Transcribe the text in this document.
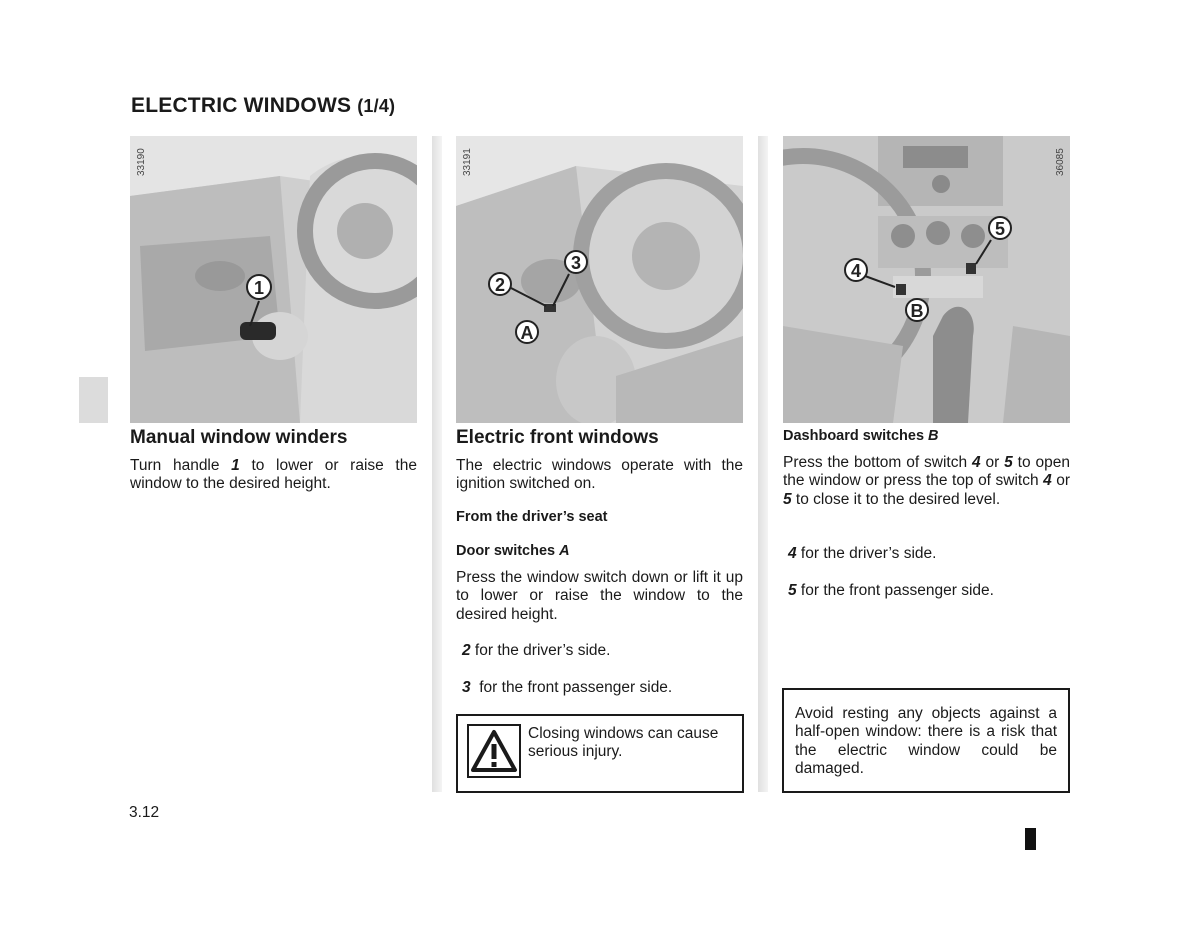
ELECTRIC WINDOWS (1/4)
1
33190
2
3
A
33191
4
5
B
36085
Manual window winders
Turn handle 1 to lower or raise the window to the desired height.
Electric front windows
The electric windows operate with the ignition switched on.
From the driver’s seat
Door switches A
Press the window switch down or lift it up to lower or raise the window to the desired height.
2 for the driver’s side.
3  for the front passenger side.
Closing windows can cause serious injury.
Dashboard switches B
Press the bottom of switch 4 or 5 to open the window or press the top of switch 4 or 5 to close it to the desired level.
4 for the driver’s side.
5 for the front passenger side.
Avoid resting any objects against a half-open window: there is a risk that the electric window could be damaged.
3.12
